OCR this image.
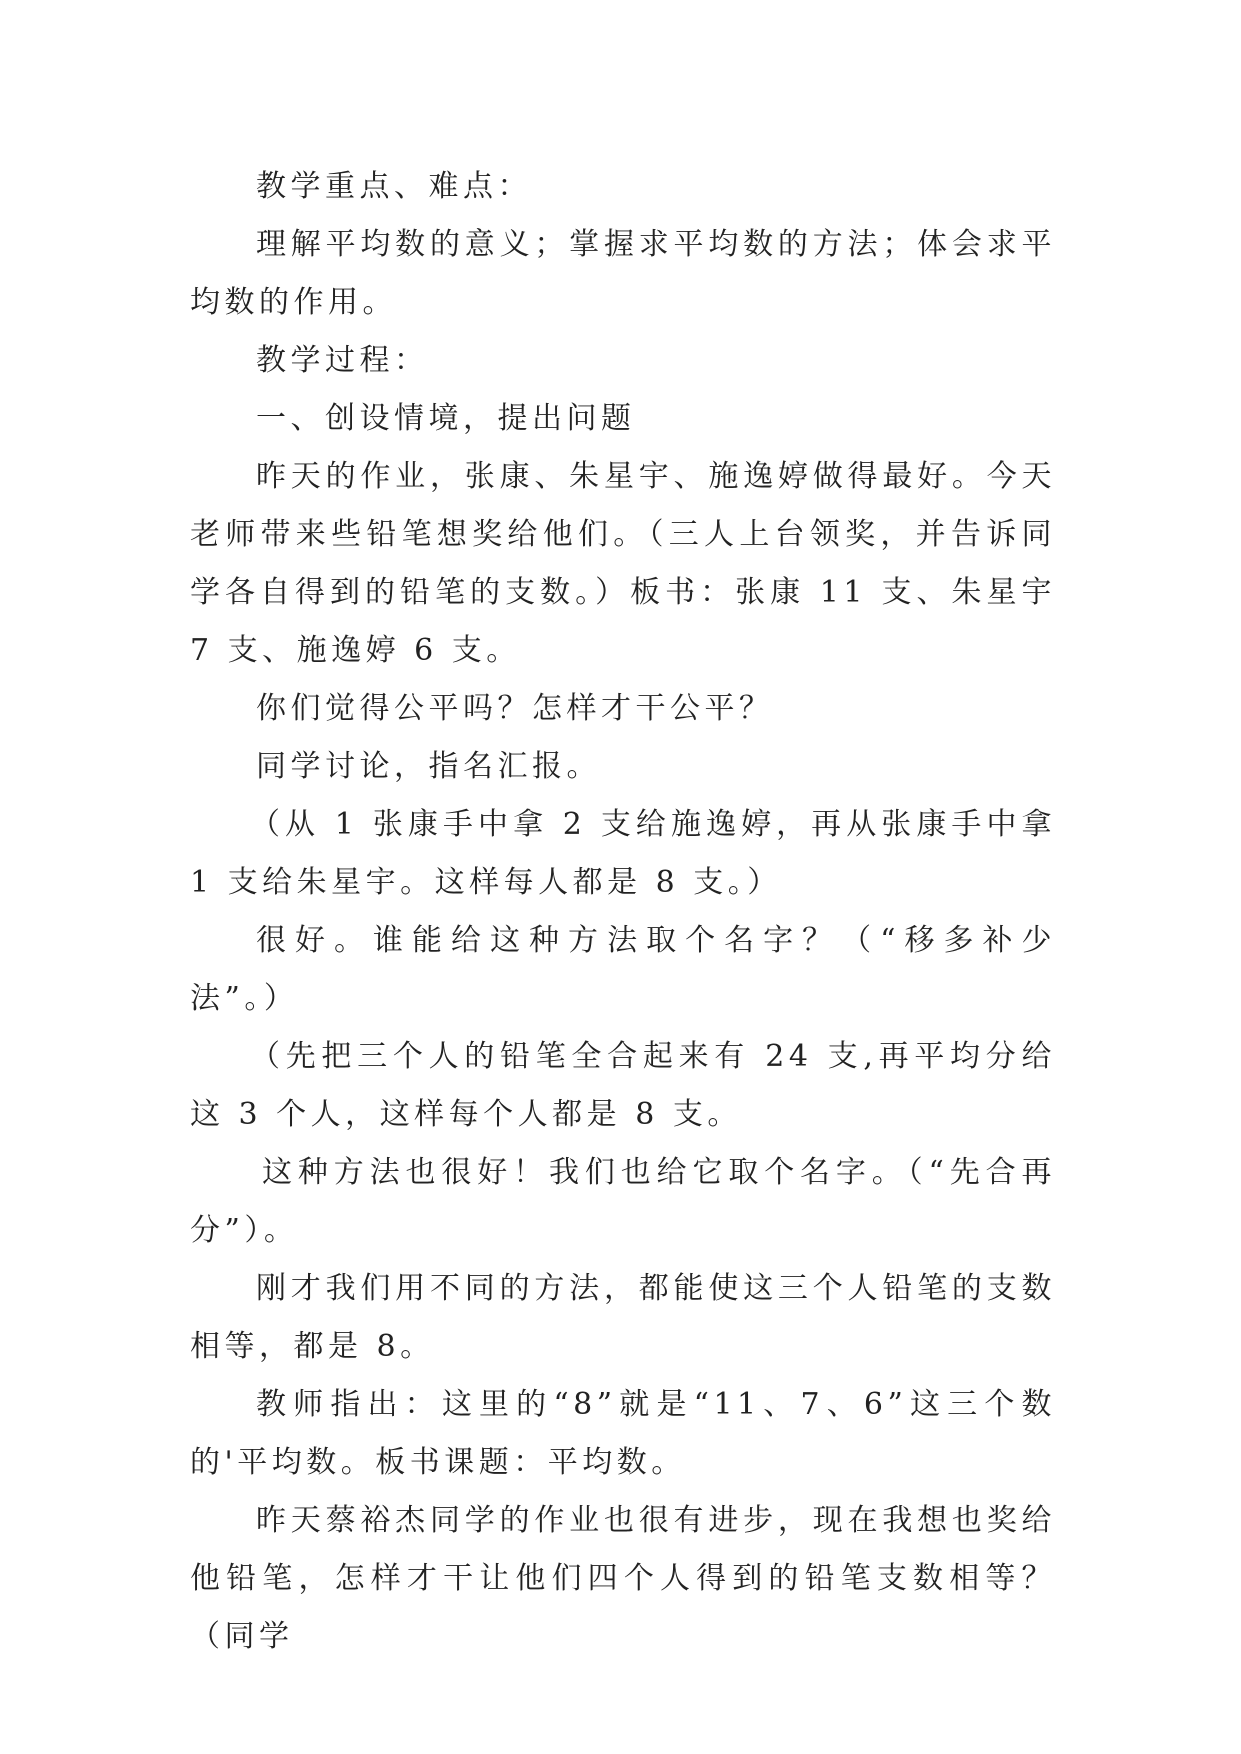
教学重点、难点：

理解平均数的意义；掌握求平均数的方法；体会求平均数的作用。

教学过程：

一、创设情境，提出问题

昨天的作业，张康、朱星宇、施逸婷做得最好。今天老师带来些铅笔想奖给他们。（三人上台领奖，并告诉同学各自得到的铅笔的支数。）板书：张康 11 支、朱星宇 7 支、施逸婷 6 支。

你们觉得公平吗？怎样才干公平？

同学讨论，指名汇报。

（从 1 张康手中拿 2 支给施逸婷，再从张康手中拿 1 支给朱星宇。这样每人都是 8 支。）

很好。谁能给这种方法取个名字？（“移多补少法”。）

（先把三个人的铅笔全合起来有 24 支,再平均分给这 3 个人，这样每个人都是 8 支。

这种方法也很好！我们也给它取个名字。（“先合再分”）。

刚才我们用不同的方法，都能使这三个人铅笔的支数相等，都是 8。

教师指出：这里的“8”就是“11、7、6”这三个数的'平均数。板书课题：平均数。

昨天蔡裕杰同学的作业也很有进步，现在我想也奖给他铅笔，怎样才干让他们四个人得到的铅笔支数相等？（同学
